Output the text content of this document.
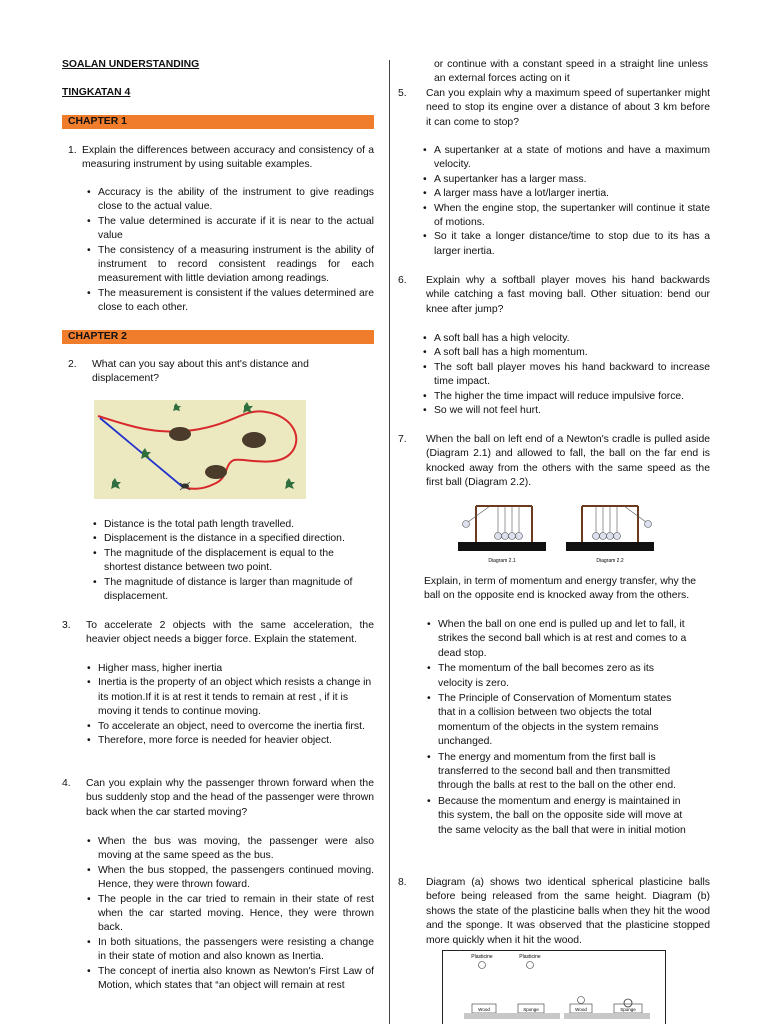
SOALAN UNDERSTANDING

TINGKATAN 4

CHAPTER 1
1. Explain the differences between accuracy and consistency of a measuring instrument by using suitable examples.
• Accuracy is the ability of the instrument to give readings close to the actual value.
• The value determined is accurate if it is near to the actual value
• The consistency of a measuring instrument is the ability of instrument to record consistent readings for each measurement with little deviation among readings.
• The measurement is consistent if the values determined are close to each other.
CHAPTER 2
2.	What can you say about this ant's distance and displacement?
• Distance is the total path length travelled.
• Displacement is the distance in a specified direction.
• The magnitude of the displacement is equal to the shortest distance between two point.
• The magnitude of distance is larger than magnitude of displacement.
3.	To accelerate 2 objects with the same acceleration, the heavier object needs a bigger force. Explain the statement.
• Higher mass, higher inertia
• Inertia is the property of an object which resists a change in its motion.If it is at rest it tends to remain at rest , if it is moving it tends to continue moving.
• To accelerate an object, need to overcome the inertia first.
• Therefore, more force is needed for heavier object.
4.	Can you explain why the passenger thrown forward when the bus suddenly stop and the head of the passenger were thrown back when the car started moving?
• When the bus was moving, the passenger were also moving at the same speed as the bus.
• When the bus stopped, the passengers continued moving. Hence, they were thrown foward.
• The people in the car tried to remain in their state of rest when the car started moving. Hence, they were thrown back.
• In both situations, the passengers were resisting a change in their state of motion and also known as Inertia.
• The concept of inertia also known as Newton's First Law of Motion, which states that “an object will remain at rest

or continue with a constant speed in a straight line unless an external forces acting on it

5.	Can you explain why a maximum speed of supertanker might need to stop its engine over a distance of about 3 km before it can come to stop?
• A supertanker at a state of motions and have a maximum velocity.
• A supertanker has a larger mass.
• A larger mass have a lot/larger inertia.
• When the engine stop, the supertanker will continue it state of motions.
• So it take a longer distance/time to stop due to its has a larger inertia.
6.	Explain why a softball player moves his hand backwards while catching a fast moving ball. Other situation: bend our knee after jump?
• A soft ball has a high velocity.
• A soft ball has a high momentum.
• The soft ball player moves his hand backward to increase time impact.
• The higher the time impact will reduce impulsive force.
• So we will not feel hurt.
7.	When the ball on left end of a Newton's cradle is pulled aside (Diagram 2.1) and allowed to fall, the ball on the far end is knocked away from the others with the same speed as the first ball (Diagram 2.2).
Diagram 2.1	Diagram 2.2

Explain, in term of momentum and energy transfer, why the ball on the opposite end is knocked away from the others.

• When the ball on one end is pulled up and let to fall, it strikes the second ball which is at rest and comes to a dead stop.
• The momentum of the ball becomes zero as its velocity is zero.
• The Principle of Conservation of Momentum states that in a collision between two objects the total momentum of the objects in the system remains unchanged.
• The energy and momentum from the first ball is transferred to the second ball and then transmitted through the balls at rest to the ball on the other end.
• Because the momentum and energy is maintained in this system, the ball on the opposite side will move at the same velocity as the ball that were in initial motion
8.	Diagram (a) shows two identical spherical plasticine balls before being released from the same height. Diagram (b) shows the state of the plasticine balls when they hit the wood and the sponge. It was observed that the plasticine stopped more quickly when it hit the wood.
Plasticine	Plasticine
Wood	Sponge	Wood	Sponge
